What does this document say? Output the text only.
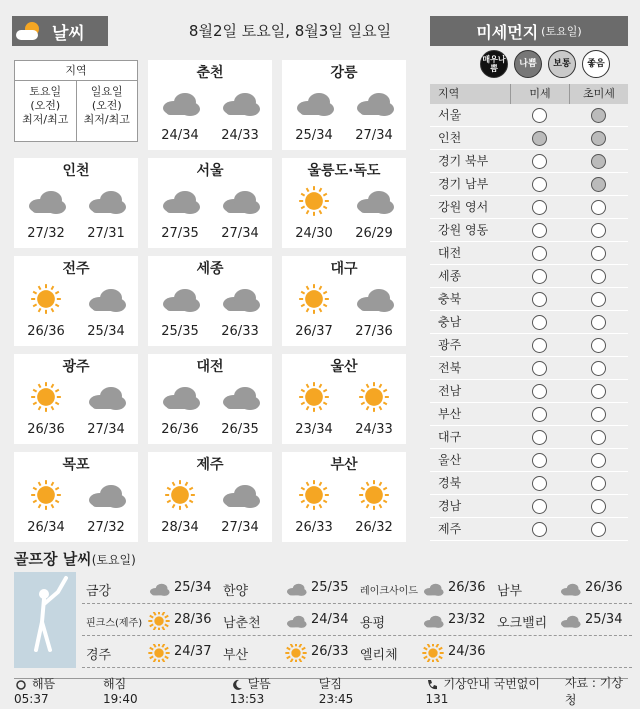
날씨	8월2일 토요일, 8월3일 일요일	미세먼지 (토요일)
매우나쁨	나쁨	보통	좋음
지역
토요일
(오전)
최저/최고
일요일
(오전)
최저/최고
춘천
24/34	24/33
강릉
25/34	27/34
인천
27/32	27/31
서울
27/35	27/34
울릉도·독도
24/30	26/29
전주
26/36	25/34
세종
25/35	26/33
대구
26/37	27/36
광주
26/36	27/34
대전
26/36	26/35
울산
23/34	24/33
목포
26/34	27/32
제주
28/34	27/34
부산
26/33	26/32
지역	미세	초미세
서울
인천
경기 북부
경기 남부
강원 영서
강원 영동
대전
세종
충북
충남
광주
전북
전남
부산
대구
울산
경북
경남
제주
골프장 날씨(토요일)
금강	25/34 한양	25/35 레이크사이드 26/36 남부	26/36
핀크스(제주) 28/36 남춘천	24/34 용평	23/32 오크밸리	25/34
경주	24/37 부산	26/33 엘리체	24/36
해뜸 05:37
해짐 19:40
달뜸 13:53
달짐 23:45
기상안내 국번없이 131
자료 : 기상청
